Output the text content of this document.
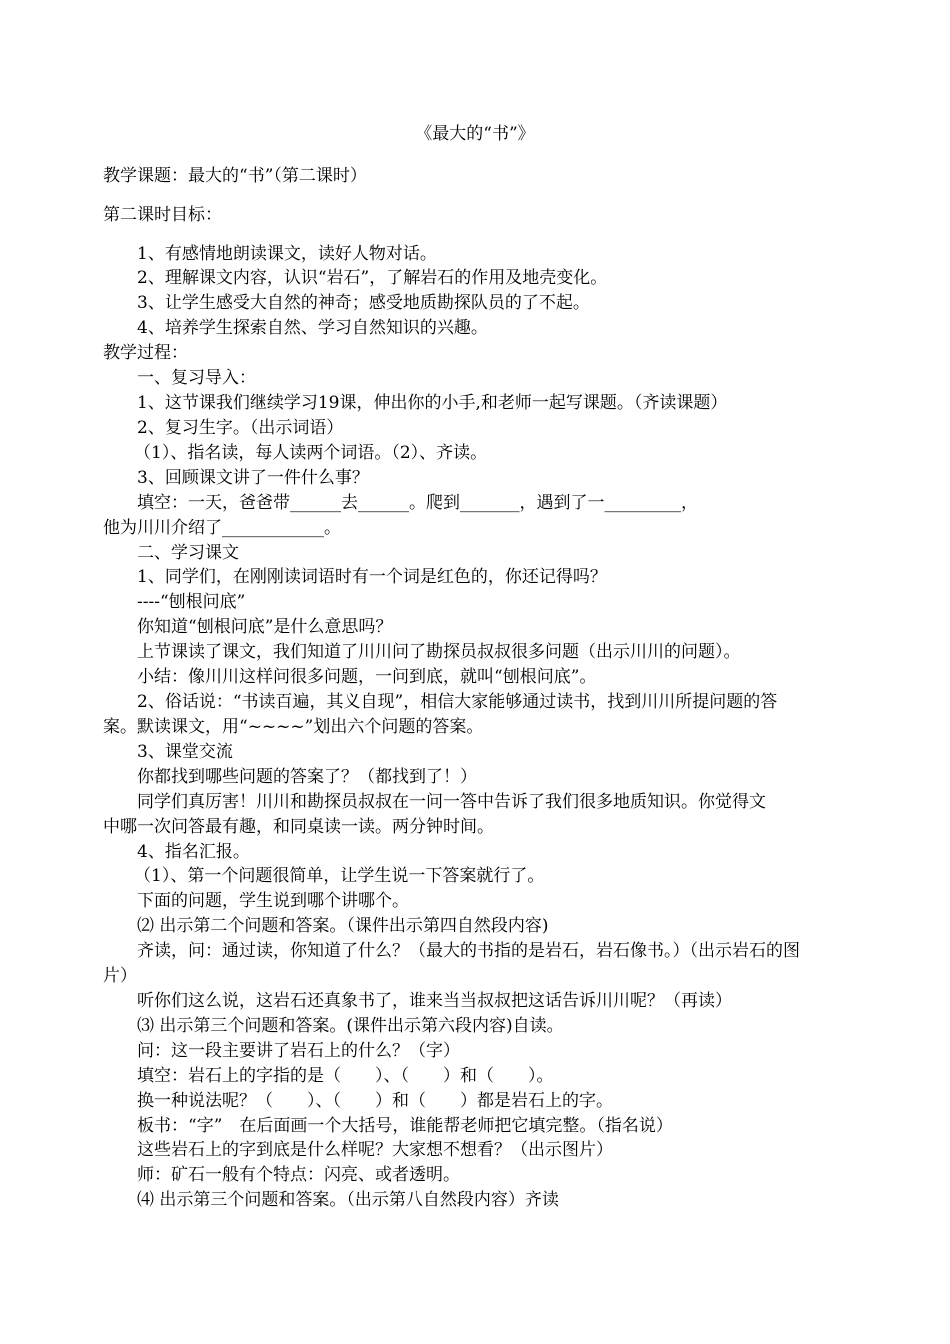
《最大的“书”》
教学课题：最大的“书”（第二课时）
第二课时目标：
1、有感情地朗读课文，读好人物对话。
2、理解课文内容，认识“岩石”，了解岩石的作用及地壳变化。
3、让学生感受大自然的神奇；感受地质勘探队员的了不起。
4、培养学生探索自然、学习自然知识的兴趣。
教学过程：
一、复习导入：
1、这节课我们继续学习19课，伸出你的小手,和老师一起写课题。（齐读课题）
2、复习生字。（出示词语）
（1）、指名读，每人读两个词语。（2）、齐读。
3、回顾课文讲了一件什么事？
填空：一天，爸爸带______去______。爬到_______，遇到了一_________，
他为川川介绍了____________。
二、学习课文
1、同学们，在刚刚读词语时有一个词是红色的，你还记得吗？
----“刨根问底”
你知道“刨根问底”是什么意思吗？
上节课读了课文，我们知道了川川问了勘探员叔叔很多问题（出示川川的问题）。
小结：像川川这样问很多问题，一问到底，就叫“刨根问底”。
2、俗话说：“书读百遍，其义自现”，相信大家能够通过读书，找到川川所提问题的答
案。默读课文，用“~~~~”划出六个问题的答案。
3、课堂交流
你都找到哪些问题的答案了？（都找到了！）
同学们真厉害！川川和勘探员叔叔在一问一答中告诉了我们很多地质知识。你觉得文
中哪一次问答最有趣，和同桌读一读。两分钟时间。
4、指名汇报。
（1）、第一个问题很简单，让学生说一下答案就行了。
下面的问题，学生说到哪个讲哪个。
⑵ 出示第二个问题和答案。（课件出示第四自然段内容)
齐读，问：通过读，你知道了什么？（最大的书指的是岩石，岩石像书。）（出示岩石的图
片）
听你们这么说，这岩石还真象书了，谁来当当叔叔把这话告诉川川呢？（再读）
⑶ 出示第三个问题和答案。(课件出示第六段内容)自读。
问：这一段主要讲了岩石上的什么？（字）
填空：岩石上的字指的是（　　）、（　　）和（　　）。
换一种说法呢？（　　）、（　　）和（　　）都是岩石上的字。
板书：“字”　在后面画一个大括号，谁能帮老师把它填完整。（指名说）
这些岩石上的字到底是什么样呢？大家想不想看？（出示图片）
师：矿石一般有个特点：闪亮、或者透明。
⑷ 出示第三个问题和答案。（出示第八自然段内容）齐读
